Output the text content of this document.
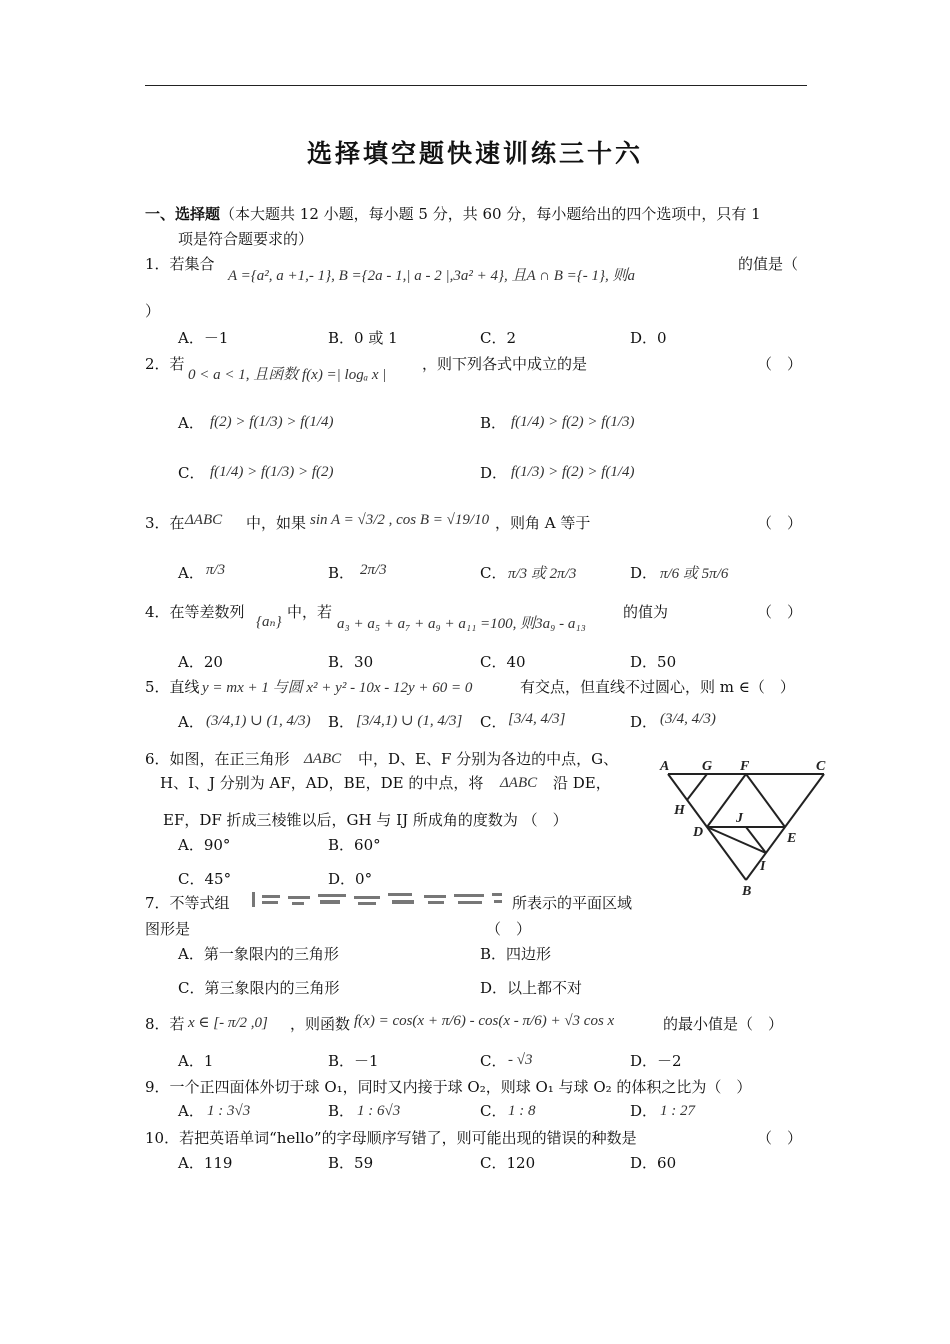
选择填空题快速训练三十六
一、选择题（本大题共 12 小题，每小题 5 分，共 60 分，每小题给出的四个选项中，只有 1
项是符合题要求的）
1．若集合
A ={a², a +1,- 1}, B ={2a - 1,| a - 2 |,3a² + 4}, 且A ∩ B ={- 1}, 则a
的值是（
）
A．－1	B．0 或 1	C．2	D．0
2．若
0 < a < 1, 且函数 f(x) =| logₐ x |
，则下列各式中成立的是	（　）
A． f(2) > f(1/3) > f(1/4)	B． f(1/4) > f(2) > f(1/3)
C． f(1/4) > f(1/3) > f(2)	D． f(1/3) > f(2) > f(1/4)
3．在 ΔABC 中，如果 sin A = √3/2 , cos B = √19/10 ，则角 A 等于	（　）
A． π/3	B． 2π/3	C． π/3 或 2π/3	D． π/6 或 5π/6
4．在等差数列
{aₙ}
中，若
a₃ + a₅ + a₇ + a₉ + a₁₁ =100, 则3a₉ - a₁₃
的值为	（　）
A．20	B．30	C．40	D．50
5．直线 y = mx + 1 与圆 x² + y² - 10x - 12y + 60 = 0	有交点，但直线不过圆心，则 m ∈（　）
A． (3/4,1) ∪ (1, 4/3) B． [3/4,1) ∪ (1, 4/3] C． [3/4, 4/3]	D． (3/4, 4/3)
6．如图，在正三角形 ΔABC 中，D、E、F 分别为各边的中点，G、
H、I、J 分别为 AF，AD，BE，DE 的中点，将 ΔABC 沿 DE，
EF，DF 折成三棱锥以后，GH 与 IJ 所成角的度数为 （　）
A．90°	B．60°
C．45°	D．0°
A G F	C
H
J
D	E
I
B
7．不等式组	所表示的平面区域
图形是	（　）
A．第一象限内的三角形	B．四边形
C．第三象限内的三角形	D．以上都不对
8．若 x ∈ [- π/2 ,0] ，则函数 f(x) = cos(x + π/6) - cos(x - π/6) + √3 cos x	的最小值是（　）
A．1	B．－1	C． - √3	D．－2
9．一个正四面体外切于球 O₁，同时又内接于球 O₂，则球 O₁ 与球 O₂ 的体积之比为（　）
A． 1 : 3√3	B． 1 : 6√3	C． 1 : 8	D． 1 : 27
10．若把英语单词“hello”的字母顺序写错了，则可能出现的错误的种数是	（　）
A．119	B．59	C．120	D．60
